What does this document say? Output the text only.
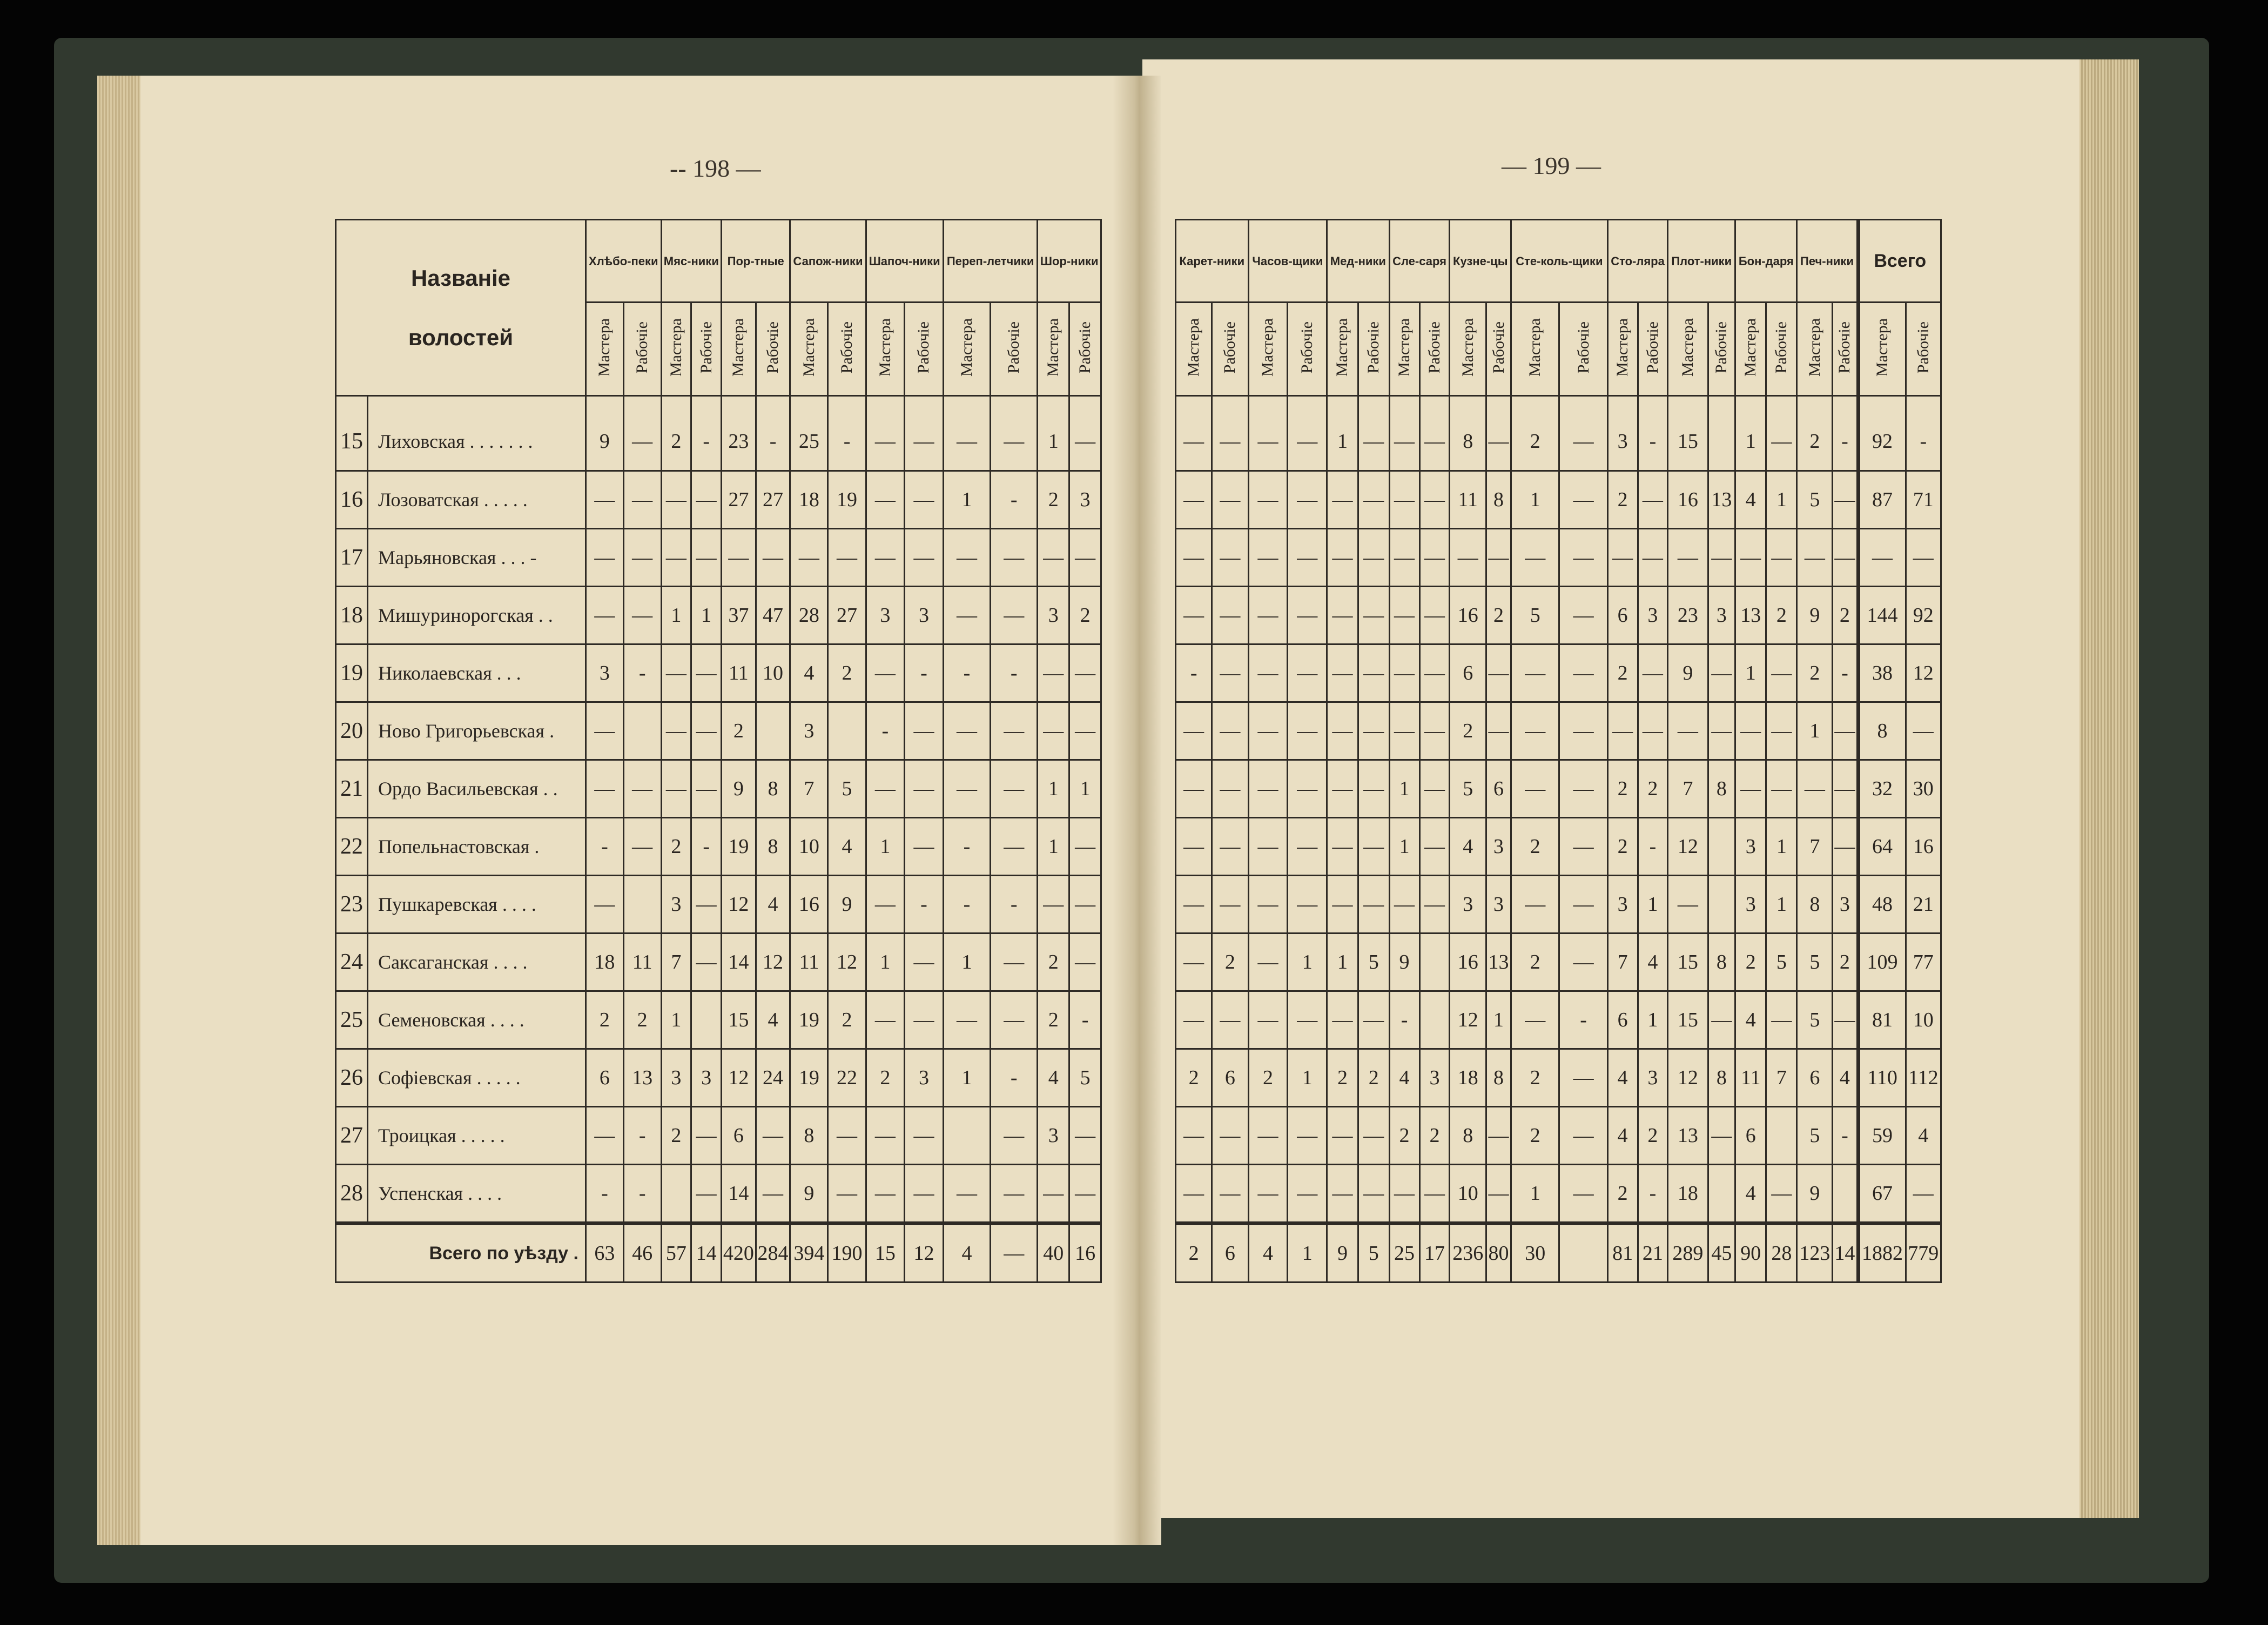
-- 198 —	— 199 —
Названіе
волостей		Хлѣбо-пеки		Мяс-ники		Пор-тные		Сапож-ники		Шапоч-ники		Переп-летчики		Шор-ники	
		Мастера	Рабочіе	Мастера	Рабочіе	Мастера	Рабочіе	Мастера	Рабочіе	Мастера	Рабочіе	Мастера	Рабочіе	Мастера	Рабочіе
15	Лиховская . . . . . . .	9	—	2	-	23	-	25	-	—	—	—	—	1	—
16	Лозоватская . . . . .	—	—	—	—	27	27	18	19	—	—	1	-	2	3
17	Марьяновская . . . -	—	—	—	—	—	—	—	—	—	—	—	—	—	—
18	Мишуринорогская . .	—	—	1	1	37	47	28	27	3	3	—	—	3	2
19	Николаевская . . .	3	-	—	—	11	10	4	2	—	-	-	-	—	—
20	Ново Григорьевская .	—		—	—	2		3		-	—	—	—	—	—
21	Ордо Васильевская . .	—	—	—	—	9	8	7	5	—	—	—	—	1	1
22	Попельнастовская .	-	—	2	-	19	8	10	4	1	—	-	—	1	—
23	Пушкаревская . . . .	—		3	—	12	4	16	9	—	-	-	-	—	—
24	Саксаганская . . . .	18	11	7	—	14	12	11	12	1	—	1	—	2	—
25	Семеновская . . . .	2	2	1		15	4	19	2	—	—	—	—	2	-
26	Софіевская . . . . .	6	13	3	3	12	24	19	22	2	3	1	-	4	5
27	Троицкая . . . . .	—	-	2	—	6	—	8	—	—	—		—	3	—
28	Успенская . . . .	-	-		—	14	—	9	—	—	—	—	—	—	—
Всего по уѣзду .		63	46	57	14	420	284	394	190	15	12	4	—	40	16
Карет-ники		Часов-щики		Мед-ники		Сле-саря		Кузне-цы		Сте-коль-щики		Сто-ляра		Плот-ники		Бон-даря		Печ-ники		Всего	
Мастера	Рабочіе	Мастера	Рабочіе	Мастера	Рабочіе	Мастера	Рабочіе	Мастера	Рабочіе	Мастера	Рабочіе	Мастера	Рабочіе	Мастера	Рабочіе	Мастера	Рабочіе	Мастера	Рабочіе	Мастера	Рабочіе
—	—	—	—	1	—	—	—	8	—	2	—	3	-	15		1	—	2	-	92	-
—	—	—	—	—	—	—	—	11	8	1	—	2	—	16	13	4	1	5	—	87	71
—	—	—	—	—	—	—	—	—	—	—	—	—	—	—	—	—	—	—	—	—	—
—	—	—	—	—	—	—	—	16	2	5	—	6	3	23	3	13	2	9	2	144	92
-	—	—	—	—	—	—	—	6	—	—	—	2	—	9	—	1	—	2	-	38	12
—	—	—	—	—	—	—	—	2	—	—	—	—	—	—	—	—	—	1	—	8	—
—	—	—	—	—	—	1	—	5	6	—	—	2	2	7	8	—	—	—	—	32	30
—	—	—	—	—	—	1	—	4	3	2	—	2	-	12		3	1	7	—	64	16
—	—	—	—	—	—	—	—	3	3	—	—	3	1	—		3	1	8	3	48	21
—	2	—	1	1	5	9		16	13	2	—	7	4	15	8	2	5	5	2	109	77
—	—	—	—	—	—	-		12	1	—	-	6	1	15	—	4	—	5	—	81	10
2	6	2	1	2	2	4	3	18	8	2	—	4	3	12	8	11	7	6	4	110	112
—	—	—	—	—	—	2	2	8	—	2	—	4	2	13	—	6		5	-	59	4
—	—	—	—	—	—	—	—	10	—	1	—	2	-	18		4	—	9		67	—
2	6	4	1	9	5	25	17	236	80	30		81	21	289	45	90	28	123	14	1882	779
